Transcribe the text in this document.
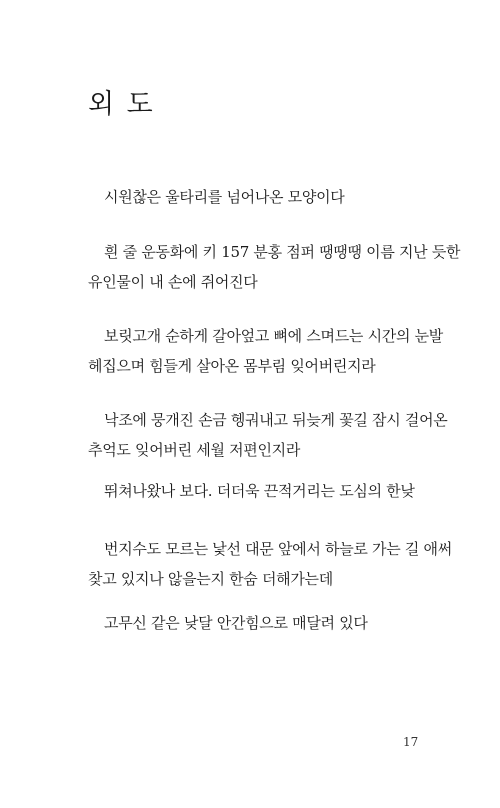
외 도

시원찮은 울타리를 넘어나온 모양이다

흰 줄 운동화에 키 157 분홍 점퍼 땡땡땡 이름 지난 듯한
유인물이 내 손에 쥐어진다

보릿고개 순하게 갈아엎고 뼈에 스며드는 시간의 눈발
헤집으며 힘들게 살아온 몸부림 잊어버린지라

낙조에 뭉개진 손금 헹궈내고 뒤늦게 꽃길 잠시 걸어온
추억도 잊어버린 세월 저편인지라

뛰쳐나왔나 보다. 더더욱 끈적거리는 도심의 한낮

번지수도 모르는 낯선 대문 앞에서 하늘로 가는 길 애써
찾고 있지나 않을는지 한숨 더해가는데

고무신 같은 낮달 안간힘으로 매달려 있다

17
